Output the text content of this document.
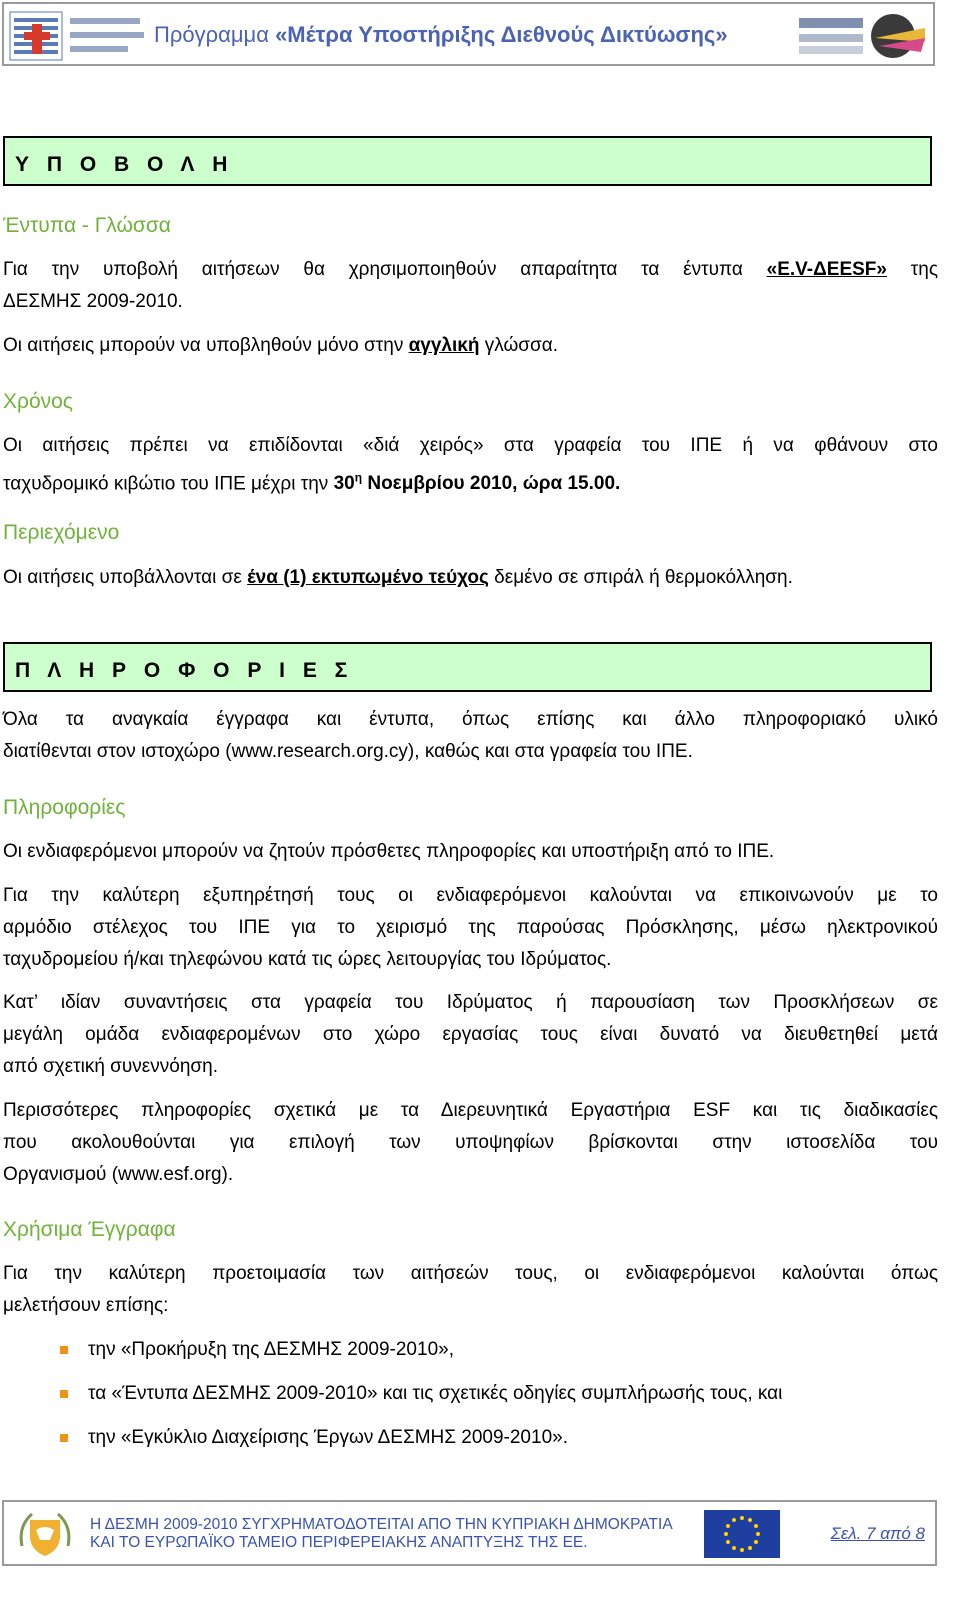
Πρόγραμμα «Μέτρα Υποστήριξης Διεθνούς Δικτύωσης»
Υ Π Ο Β Ο Λ Η
Έντυπα - Γλώσσα
Για την υποβολή αιτήσεων θα χρησιμοποιηθούν απαραίτητα τα έντυπα «E.V-ΔEESF» της
ΔΕΣΜΗΣ 2009-2010.
Οι αιτήσεις μπορούν να υποβληθούν μόνο στην αγγλική γλώσσα.
Χρόνος
Οι αιτήσεις πρέπει να επιδίδονται «διά χειρός» στα γραφεία του ΙΠΕ ή να φθάνουν στο
ταχυδρομικό κιβώτιο του ΙΠΕ μέχρι την $30^\eta$ Νοεμβρίου 2010, ώρα 15.00.
Περιεχόμενο
Οι αιτήσεις υποβάλλονται σε ένα (1) εκτυπωμένο τεύχος δεμένο σε σπιράλ ή θερμοκόλληση.
Π Λ Η Ρ Ο Φ Ο Ρ Ι Ε Σ
Όλα τα αναγκαία έγγραφα και έντυπα, όπως επίσης και άλλο πληροφοριακό υλικό
διατίθενται στον ιστοχώρο (www.research.org.cy), καθώς και στα γραφεία του ΙΠΕ.
Πληροφορίες
Οι ενδιαφερόμενοι μπορούν να ζητούν πρόσθετες πληροφορίες και υποστήριξη από το ΙΠΕ.
Για την καλύτερη εξυπηρέτησή τους οι ενδιαφερόμενοι καλούνται να επικοινωνούν με το
αρμόδιο στέλεχος του ΙΠΕ για το χειρισμό της παρούσας Πρόσκλησης, μέσω ηλεκτρονικού
ταχυδρομείου ή/και τηλεφώνου κατά τις ώρες λειτουργίας του Ιδρύματος.
Κατ’ ιδίαν συναντήσεις στα γραφεία του Ιδρύματος ή παρουσίαση των Προσκλήσεων σε
μεγάλη ομάδα ενδιαφερομένων στο χώρο εργασίας τους είναι δυνατό να διευθετηθεί μετά
από σχετική συνεννόηση.
Περισσότερες πληροφορίες σχετικά με τα Διερευνητικά Εργαστήρια ESF και τις διαδικασίες
που ακολουθούνται για επιλογή των υποψηφίων βρίσκονται στην ιστοσελίδα του
Οργανισμού (www.esf.org).
Χρήσιμα Έγγραφα
Για την καλύτερη προετοιμασία των αιτήσεών τους, οι ενδιαφερόμενοι καλούνται όπως
μελετήσουν επίσης:
την «Προκήρυξη της ΔΕΣΜΗΣ 2009-2010»,
τα «Έντυπα ΔΕΣΜΗΣ 2009-2010» και τις σχετικές οδηγίες συμπλήρωσής τους, και
την «Εγκύκλιο Διαχείρισης Έργων ΔΕΣΜΗΣ 2009-2010».
Η ΔΕΣΜΗ 2009-2010 ΣΥΓΧΡΗΜΑΤΟΔΟΤΕΙΤΑΙ ΑΠΟ ΤΗΝ ΚΥΠΡΙΑΚΗ ΔΗΜΟΚΡΑΤΙΑ
ΚΑΙ ΤΟ ΕΥΡΩΠΑΪΚΟ ΤΑΜΕΙΟ ΠΕΡΙΦΕΡΕΙΑΚΗΣ ΑΝΑΠΤΥΞΗΣ ΤΗΣ ΕΕ.	Σελ. 7 από 8
